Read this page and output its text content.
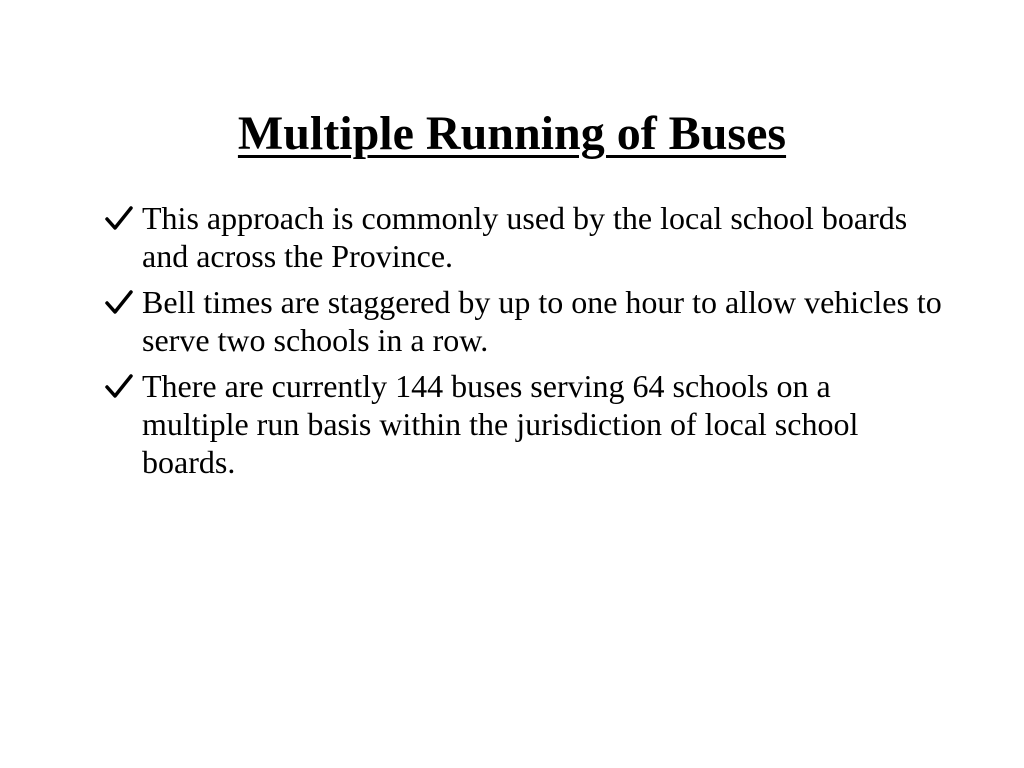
Multiple Running of Buses
This approach is commonly used by the local school boards and across the Province.
Bell times are staggered by up to one hour to allow vehicles to serve two schools in a row.
There are currently 144 buses serving 64 schools on a multiple run basis within the jurisdiction of local school boards.
